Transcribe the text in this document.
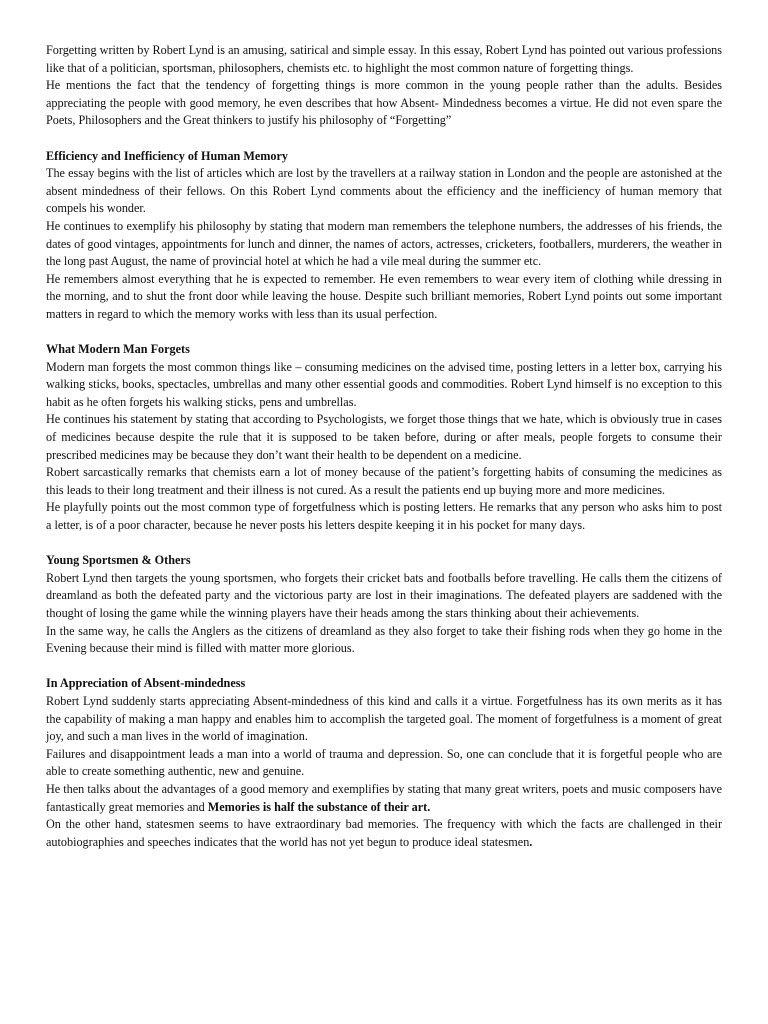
Forgetting written by Robert Lynd is an amusing, satirical and simple essay. In this essay, Robert Lynd has pointed out various professions like that of a politician, sportsman, philosophers, chemists etc. to highlight the most common nature of forgetting things.

He mentions the fact that the tendency of forgetting things is more common in the young people rather than the adults. Besides appreciating the people with good memory, he even describes that how Absent- Mindedness becomes a virtue. He did not even spare the Poets, Philosophers and the Great thinkers to justify his philosophy of “Forgetting”

Efficiency and Inefficiency of Human Memory

The essay begins with the list of articles which are lost by the travellers at a railway station in London and the people are astonished at the absent mindedness of their fellows. On this Robert Lynd comments about the efficiency and the inefficiency of human memory that compels his wonder.

He continues to exemplify his philosophy by stating that modern man remembers the telephone numbers, the addresses of his friends, the dates of good vintages, appointments for lunch and dinner, the names of actors, actresses, cricketers, footballers, murderers, the weather in the long past August, the name of provincial hotel at which he had a vile meal during the summer etc.

He remembers almost everything that he is expected to remember. He even remembers to wear every item of clothing while dressing in the morning, and to shut the front door while leaving the house. Despite such brilliant memories, Robert Lynd points out some important matters in regard to which the memory works with less than its usual perfection.

What Modern Man Forgets

Modern man forgets the most common things like – consuming medicines on the advised time, posting letters in a letter box, carrying his walking sticks, books, spectacles, umbrellas and many other essential goods and commodities. Robert Lynd himself is no exception to this habit as he often forgets his walking sticks, pens and umbrellas.

He continues his statement by stating that according to Psychologists, we forget those things that we hate, which is obviously true in cases of medicines because despite the rule that it is supposed to be taken before, during or after meals, people forgets to consume their prescribed medicines may be because they don’t want their health to be dependent on a medicine.

Robert sarcastically remarks that chemists earn a lot of money because of the patient’s forgetting habits of consuming the medicines as this leads to their long treatment and their illness is not cured. As a result the patients end up buying more and more medicines.

He playfully points out the most common type of forgetfulness which is posting letters. He remarks that any person who asks him to post a letter, is of a poor character, because he never posts his letters despite keeping it in his pocket for many days.

Young Sportsmen & Others

Robert Lynd then targets the young sportsmen, who forgets their cricket bats and footballs before travelling. He calls them the citizens of dreamland as both the defeated party and the victorious party are lost in their imaginations. The defeated players are saddened with the thought of losing the game while the winning players have their heads among the stars thinking about their achievements.

In the same way, he calls the Anglers as the citizens of dreamland as they also forget to take their fishing rods when they go home in the Evening because their mind is filled with matter more glorious.

In Appreciation of Absent-mindedness

Robert Lynd suddenly starts appreciating Absent-mindedness of this kind and calls it a virtue. Forgetfulness has its own merits as it has the capability of making a man happy and enables him to accomplish the targeted goal. The moment of forgetfulness is a moment of great joy, and such a man lives in the world of imagination.

Failures and disappointment leads a man into a world of trauma and depression. So, one can conclude that it is forgetful people who are able to create something authentic, new and genuine.

He then talks about the advantages of a good memory and exemplifies by stating that many great writers, poets and music composers have fantastically great memories and Memories is half the substance of their art.

On the other hand, statesmen seems to have extraordinary bad memories. The frequency with which the facts are challenged in their autobiographies and speeches indicates that the world has not yet begun to produce ideal statesmen.
